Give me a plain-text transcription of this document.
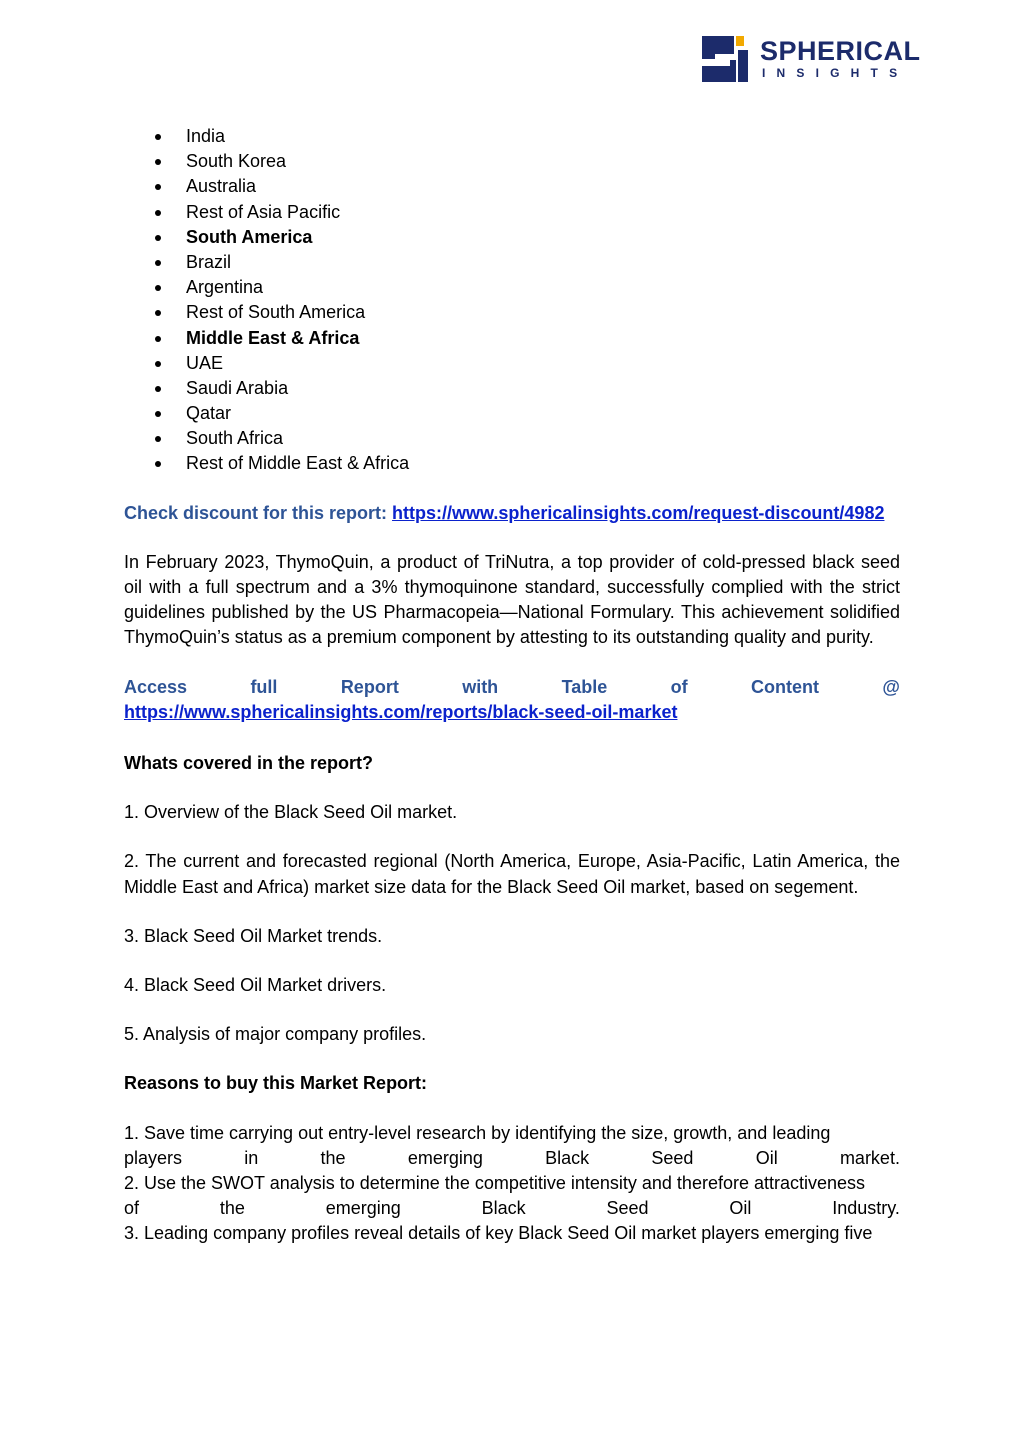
SPHERICAL
INSIGHTS
India
South Korea
Australia
Rest of Asia Pacific
South America
Brazil
Argentina
Rest of South America
Middle East & Africa
UAE
Saudi Arabia
Qatar
South Africa
Rest of Middle East & Africa
Check discount for this report: https://www.sphericalinsights.com/request-discount/4982

In February 2023, ThymoQuin, a product of TriNutra, a top provider of cold-pressed black seed oil with a full spectrum and a 3% thymoquinone standard, successfully complied with the strict guidelines published by the US Pharmacopeia—National Formulary. This achievement solidified ThymoQuin’s status as a premium component by attesting to its outstanding quality and purity.

Access	full	Report	with	Table	of	Content	@
https://www.sphericalinsights.com/reports/black-seed-oil-market

Whats covered in the report?

1. Overview of the Black Seed Oil market.

2. The current and forecasted regional (North America, Europe, Asia-Pacific, Latin America, the Middle East and Africa) market size data for the Black Seed Oil market, based on segement.

3. Black Seed Oil Market trends.

4. Black Seed Oil Market drivers.

5. Analysis of major company profiles.

Reasons to buy this Market Report:

1. Save time carrying out entry-level research by identifying the size, growth, and leading
players	in	the	emerging	Black	Seed	Oil	market.
2. Use the SWOT analysis to determine the competitive intensity and therefore attractiveness
of	the	emerging	Black	Seed	Oil	Industry.
3. Leading company profiles reveal details of key Black Seed Oil market players emerging five
